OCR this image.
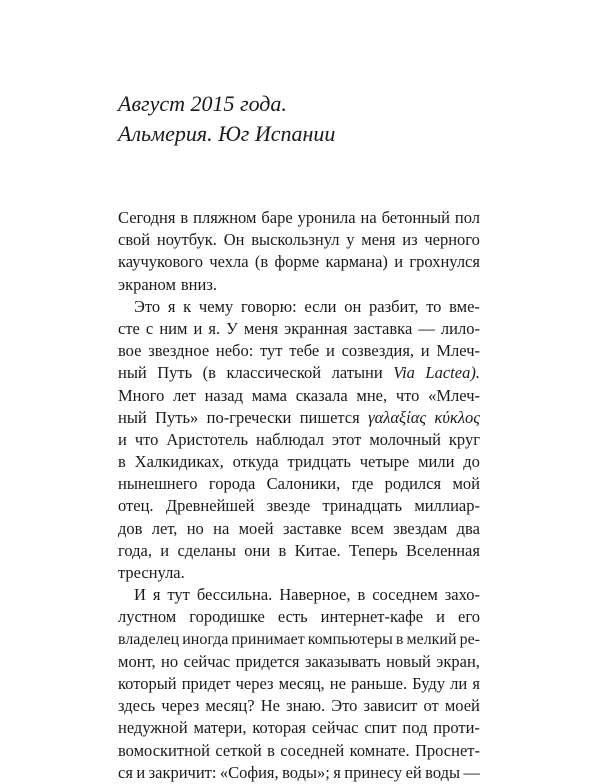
Август 2015 года.
Альмерия. Юг Испании
Сегодня в пляжном баре уронила на бетонный пол
свой ноутбук. Он выскользнул у меня из черного
каучукового чехла (в форме кармана) и грохнулся
экраном вниз.
Это я к чему говорю: если он разбит, то вме-
сте с ним и я. У меня экранная заставка — лило-
вое звездное небо: тут тебе и созвездия, и Млеч-
ный Путь (в классической латыни Via Lactea).
Много лет назад мама сказала мне, что «Млеч-
ный Путь» по-гречески пишется γαλαξίας κύκλος
и что Аристотель наблюдал этот молочный круг
в Халкидиках, откуда тридцать четыре мили до
нынешнего города Салоники, где родился мой
отец. Древнейшей звезде тринадцать миллиар-
дов лет, но на моей заставке всем звездам два
года, и сделаны они в Китае. Теперь Вселенная
треснула.
И я тут бессильна. Наверное, в соседнем захо-
лустном городишке есть интернет-кафе и его
владелец иногда принимает компьютеры в мелкий ре-
монт, но сейчас придется заказывать новый экран,
который придет через месяц, не раньше. Буду ли я
здесь через месяц? Не знаю. Это зависит от моей
недужной матери, которая сейчас спит под проти-
вомоскитной сеткой в соседней комнате. Проснет-
ся и закричит: «София, воды»; я принесу ей воды —
